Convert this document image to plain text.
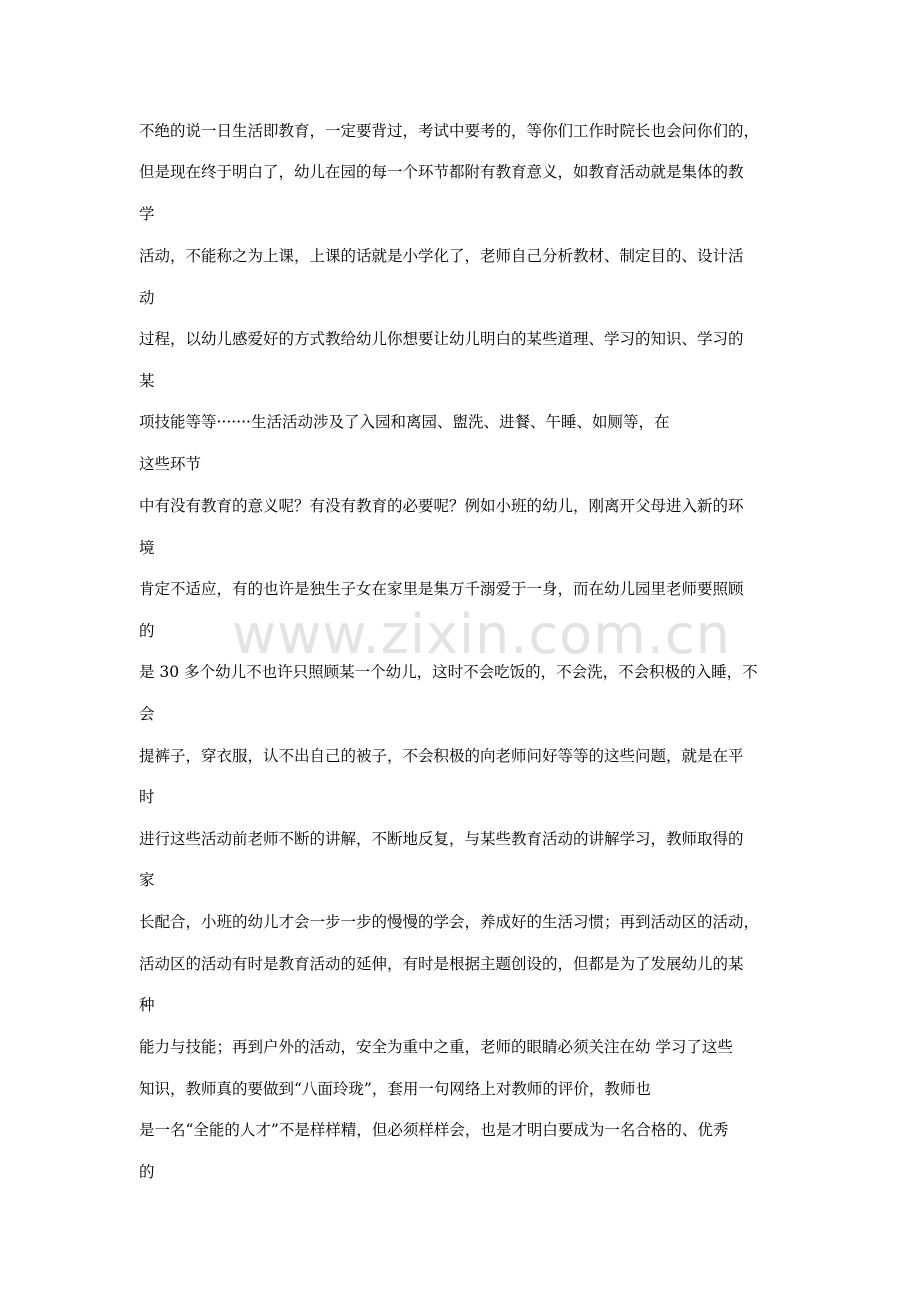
不绝的说一日生活即教育，一定要背过，考试中要考的，等你们工作时院长也会问你们的，
但是现在终于明白了，幼儿在园的每一个环节都附有教育意义，如教育活动就是集体的教
学
活动，不能称之为上课，上课的话就是小学化了，老师自己分析教材、制定目的、设计活
动
过程，以幼儿感爱好的方式教给幼儿你想要让幼儿明白的某些道理、学习的知识、学习的
某
项技能等等·······生活活动涉及了入园和离园、盥洗、进餐、午睡、如厕等，在
这些环节
中有没有教育的意义呢？有没有教育的必要呢？例如小班的幼儿，刚离开父母进入新的环
境
肯定不适应，有的也许是独生子女在家里是集万千溺爱于一身，而在幼儿园里老师要照顾
的
是 30 多个幼儿不也许只照顾某一个幼儿，这时不会吃饭的，不会洗，不会积极的入睡，不
会
提裤子，穿衣服，认不出自己的被子，不会积极的向老师问好等等的这些问题，就是在平
时
进行这些活动前老师不断的讲解，不断地反复，与某些教育活动的讲解学习，教师取得的
家
长配合，小班的幼儿才会一步一步的慢慢的学会，养成好的生活习惯；再到活动区的活动，
活动区的活动有时是教育活动的延伸，有时是根据主题创设的，但都是为了发展幼儿的某
种
能力与技能；再到户外的活动，安全为重中之重，老师的眼睛必须关注在幼 学习了这些
知识，教师真的要做到“八面玲珑”，套用一句网络上对教师的评价，教师也
是一名“全能的人才”不是样样精，但必须样样会，也是才明白要成为一名合格的、优秀
的
www.zixin.com.cn
